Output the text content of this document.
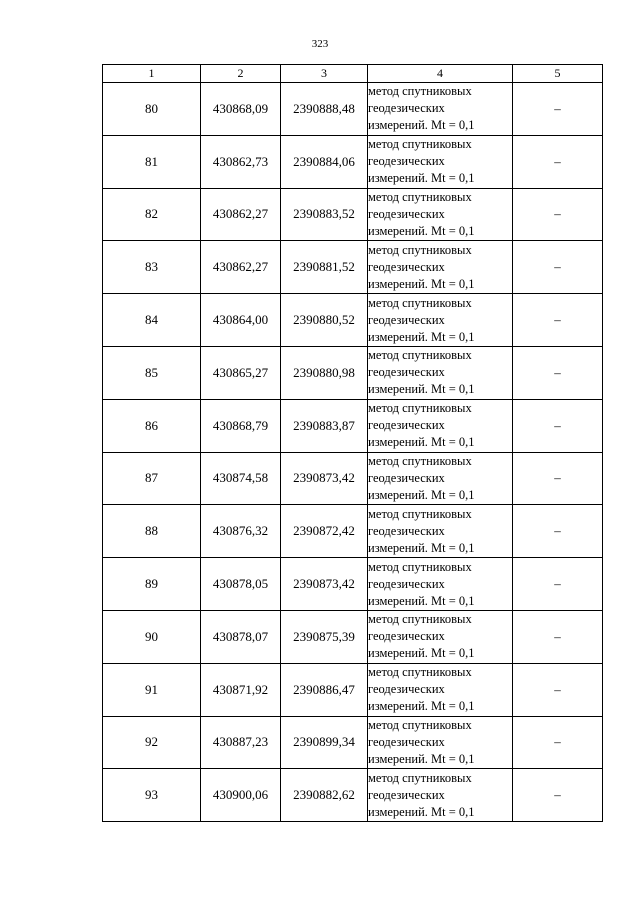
323
1	2	3	4	5
80	430868,09	2390888,48	метод спутниковых
геодезических
измерений. Mt = 0,1	–
81	430862,73	2390884,06	метод спутниковых
геодезических
измерений. Mt = 0,1	–
82	430862,27	2390883,52	метод спутниковых
геодезических
измерений. Mt = 0,1	–
83	430862,27	2390881,52	метод спутниковых
геодезических
измерений. Mt = 0,1	–
84	430864,00	2390880,52	метод спутниковых
геодезических
измерений. Mt = 0,1	–
85	430865,27	2390880,98	метод спутниковых
геодезических
измерений. Mt = 0,1	–
86	430868,79	2390883,87	метод спутниковых
геодезических
измерений. Mt = 0,1	–
87	430874,58	2390873,42	метод спутниковых
геодезических
измерений. Mt = 0,1	–
88	430876,32	2390872,42	метод спутниковых
геодезических
измерений. Mt = 0,1	–
89	430878,05	2390873,42	метод спутниковых
геодезических
измерений. Mt = 0,1	–
90	430878,07	2390875,39	метод спутниковых
геодезических
измерений. Mt = 0,1	–
91	430871,92	2390886,47	метод спутниковых
геодезических
измерений. Mt = 0,1	–
92	430887,23	2390899,34	метод спутниковых
геодезических
измерений. Mt = 0,1	–
93	430900,06	2390882,62	метод спутниковых
геодезических
измерений. Mt = 0,1	–
